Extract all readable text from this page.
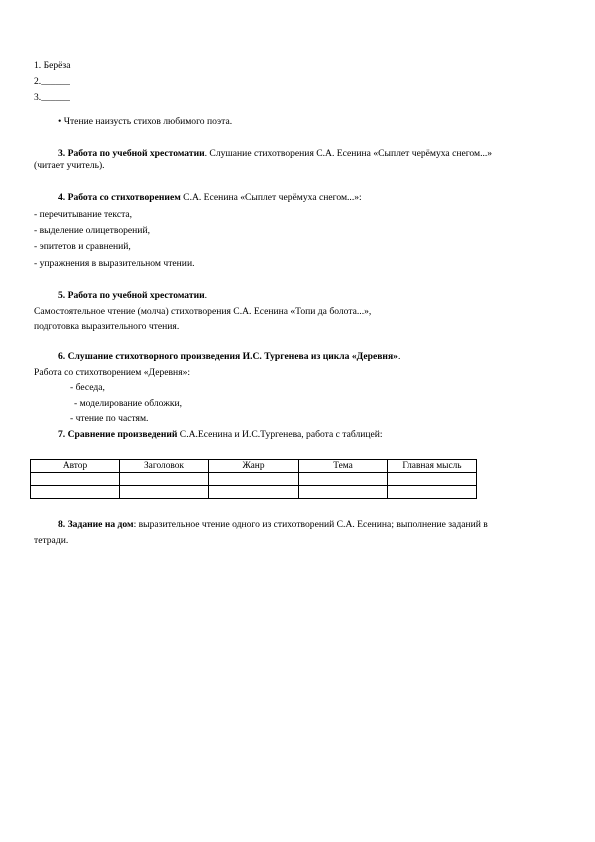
1. Берёза
2.______
3.______
• Чтение наизусть стихов любимого поэта.
3. Работа по учебной хрестоматии. Слушание стихотворения С.А. Есенина «Сыплет черёмуха снегом...»
(читает учитель).
4. Работа со стихотворением С.А. Есенина «Сыплет черёмуха снегом...»:
- перечитывание текста,
- выделение олицетворений,
- эпитетов и сравнений,
- упражнения в выразительном чтении.
5. Работа по учебной хрестоматии.
Самостоятельное чтение (молча) стихотворения С.А. Есенина «Топи да болота...»,
подготовка выразительного чтения.
6. Слушание стихотворного произведения И.С. Тургенева из цикла «Деревня».
Работа со стихотворением «Деревня»:
- беседа,
- моделирование обложки,
- чтение по частям.
7. Сравнение произведений С.А.Есенина и И.С.Тургенева, работа с таблицей:
Автор	Заголовок	Жанр	Тема	Главная мысль

8. Задание на дом: выразительное чтение одного из стихотворений С.А. Есенина; выполнение заданий в
тетради.
